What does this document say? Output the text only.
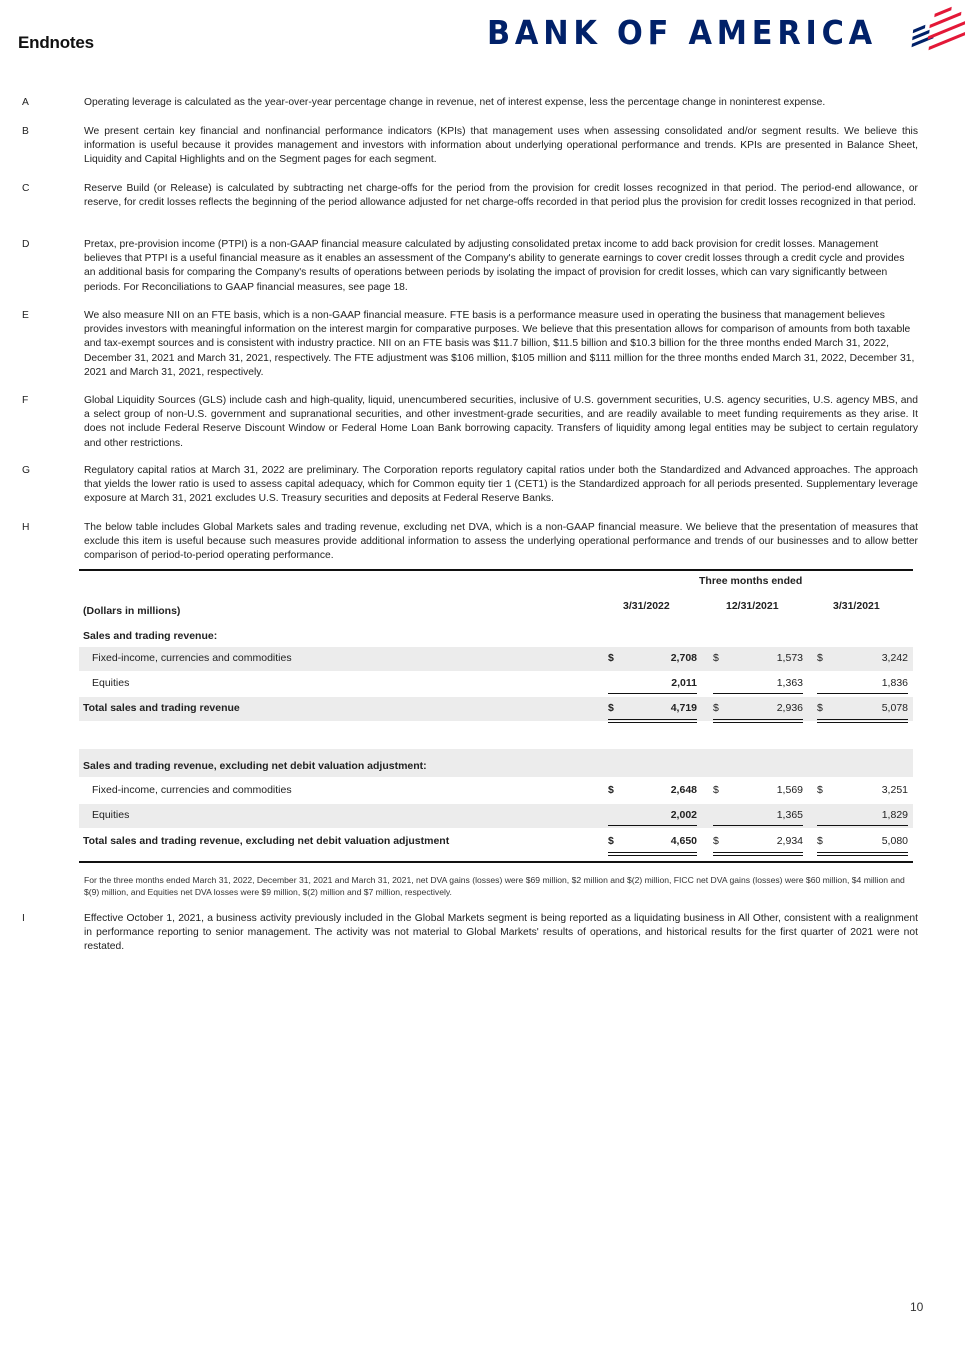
Endnotes	BANK OF AMERICA
A	Operating leverage is calculated as the year-over-year percentage change in revenue, net of interest expense, less the percentage change in noninterest expense.
B	We present certain key financial and nonfinancial performance indicators (KPIs) that management uses when assessing consolidated and/or segment results. We believe this information is useful because it provides management and investors with information about underlying operational performance and trends. KPIs are presented in Balance Sheet, Liquidity and Capital Highlights and on the Segment pages for each segment.
C	Reserve Build (or Release) is calculated by subtracting net charge-offs for the period from the provision for credit losses recognized in that period. The period-end allowance, or reserve, for credit losses reflects the beginning of the period allowance adjusted for net charge-offs recorded in that period plus the provision for credit losses recognized in that period.
D	Pretax, pre-provision income (PTPI) is a non-GAAP financial measure calculated by adjusting consolidated pretax income to add back provision for credit losses. Management believes that PTPI is a useful financial measure as it enables an assessment of the Company's ability to generate earnings to cover credit losses through a credit cycle and provides an additional basis for comparing the Company's results of operations between periods by isolating the impact of provision for credit losses, which can vary significantly between periods. For Reconciliations to GAAP financial measures, see page 18.
E	We also measure NII on an FTE basis, which is a non-GAAP financial measure. FTE basis is a performance measure used in operating the business that management believes provides investors with meaningful information on the interest margin for comparative purposes. We believe that this presentation allows for comparison of amounts from both taxable and tax-exempt sources and is consistent with industry practice. NII on an FTE basis was $11.7 billion, $11.5 billion and $10.3 billion for the three months ended March 31, 2022, December 31, 2021 and March 31, 2021, respectively. The FTE adjustment was $106 million, $105 million and $111 million for the three months ended March 31, 2022, December 31, 2021 and March 31, 2021, respectively.
F	Global Liquidity Sources (GLS) include cash and high-quality, liquid, unencumbered securities, inclusive of U.S. government securities, U.S. agency securities, U.S. agency MBS, and a select group of non-U.S. government and supranational securities, and other investment-grade securities, and are readily available to meet funding requirements as they arise. It does not include Federal Reserve Discount Window or Federal Home Loan Bank borrowing capacity. Transfers of liquidity among legal entities may be subject to certain regulatory and other restrictions.
G	Regulatory capital ratios at March 31, 2022 are preliminary. The Corporation reports regulatory capital ratios under both the Standardized and Advanced approaches. The approach that yields the lower ratio is used to assess capital adequacy, which for Common equity tier 1 (CET1) is the Standardized approach for all periods presented. Supplementary leverage exposure at March 31, 2021 excludes U.S. Treasury securities and deposits at Federal Reserve Banks.
H	The below table includes Global Markets sales and trading revenue, excluding net DVA, which is a non-GAAP financial measure. We believe that the presentation of measures that exclude this item is useful because such measures provide additional information to assess the underlying operational performance and trends of our businesses and to allow better comparison of period-to-period operating performance.
I	Effective October 1, 2021, a business activity previously included in the Global Markets segment is being reported as a liquidating business in All Other, consistent with a realignment in performance reporting to senior management. The activity was not material to Global Markets' results of operations, and historical results for the first quarter of 2021 were not restated.
Three months ended
(Dollars in millions)	3/31/2022	12/31/2021	3/31/2021
Sales and trading revenue:
Fixed-income, currencies and commodities	$	2,708 $	1,573 $	3,242
Equities	2,011	1,363	1,836
Total sales and trading revenue	$	4,719 $	2,936 $	5,078
Sales and trading revenue, excluding net debit valuation adjustment:
Fixed-income, currencies and commodities	$	2,648 $	1,569 $	3,251
Equities	2,002	1,365	1,829
Total sales and trading revenue, excluding net debit valuation adjustment	$	4,650 $	2,934 $	5,080
For the three months ended March 31, 2022, December 31, 2021 and March 31, 2021, net DVA gains (losses) were $69 million, $2 million and $(2) million, FICC net DVA gains (losses) were $60 million, $4 million and $(9) million, and Equities net DVA losses were $9 million, $(2) million and $7 million, respectively.
10
